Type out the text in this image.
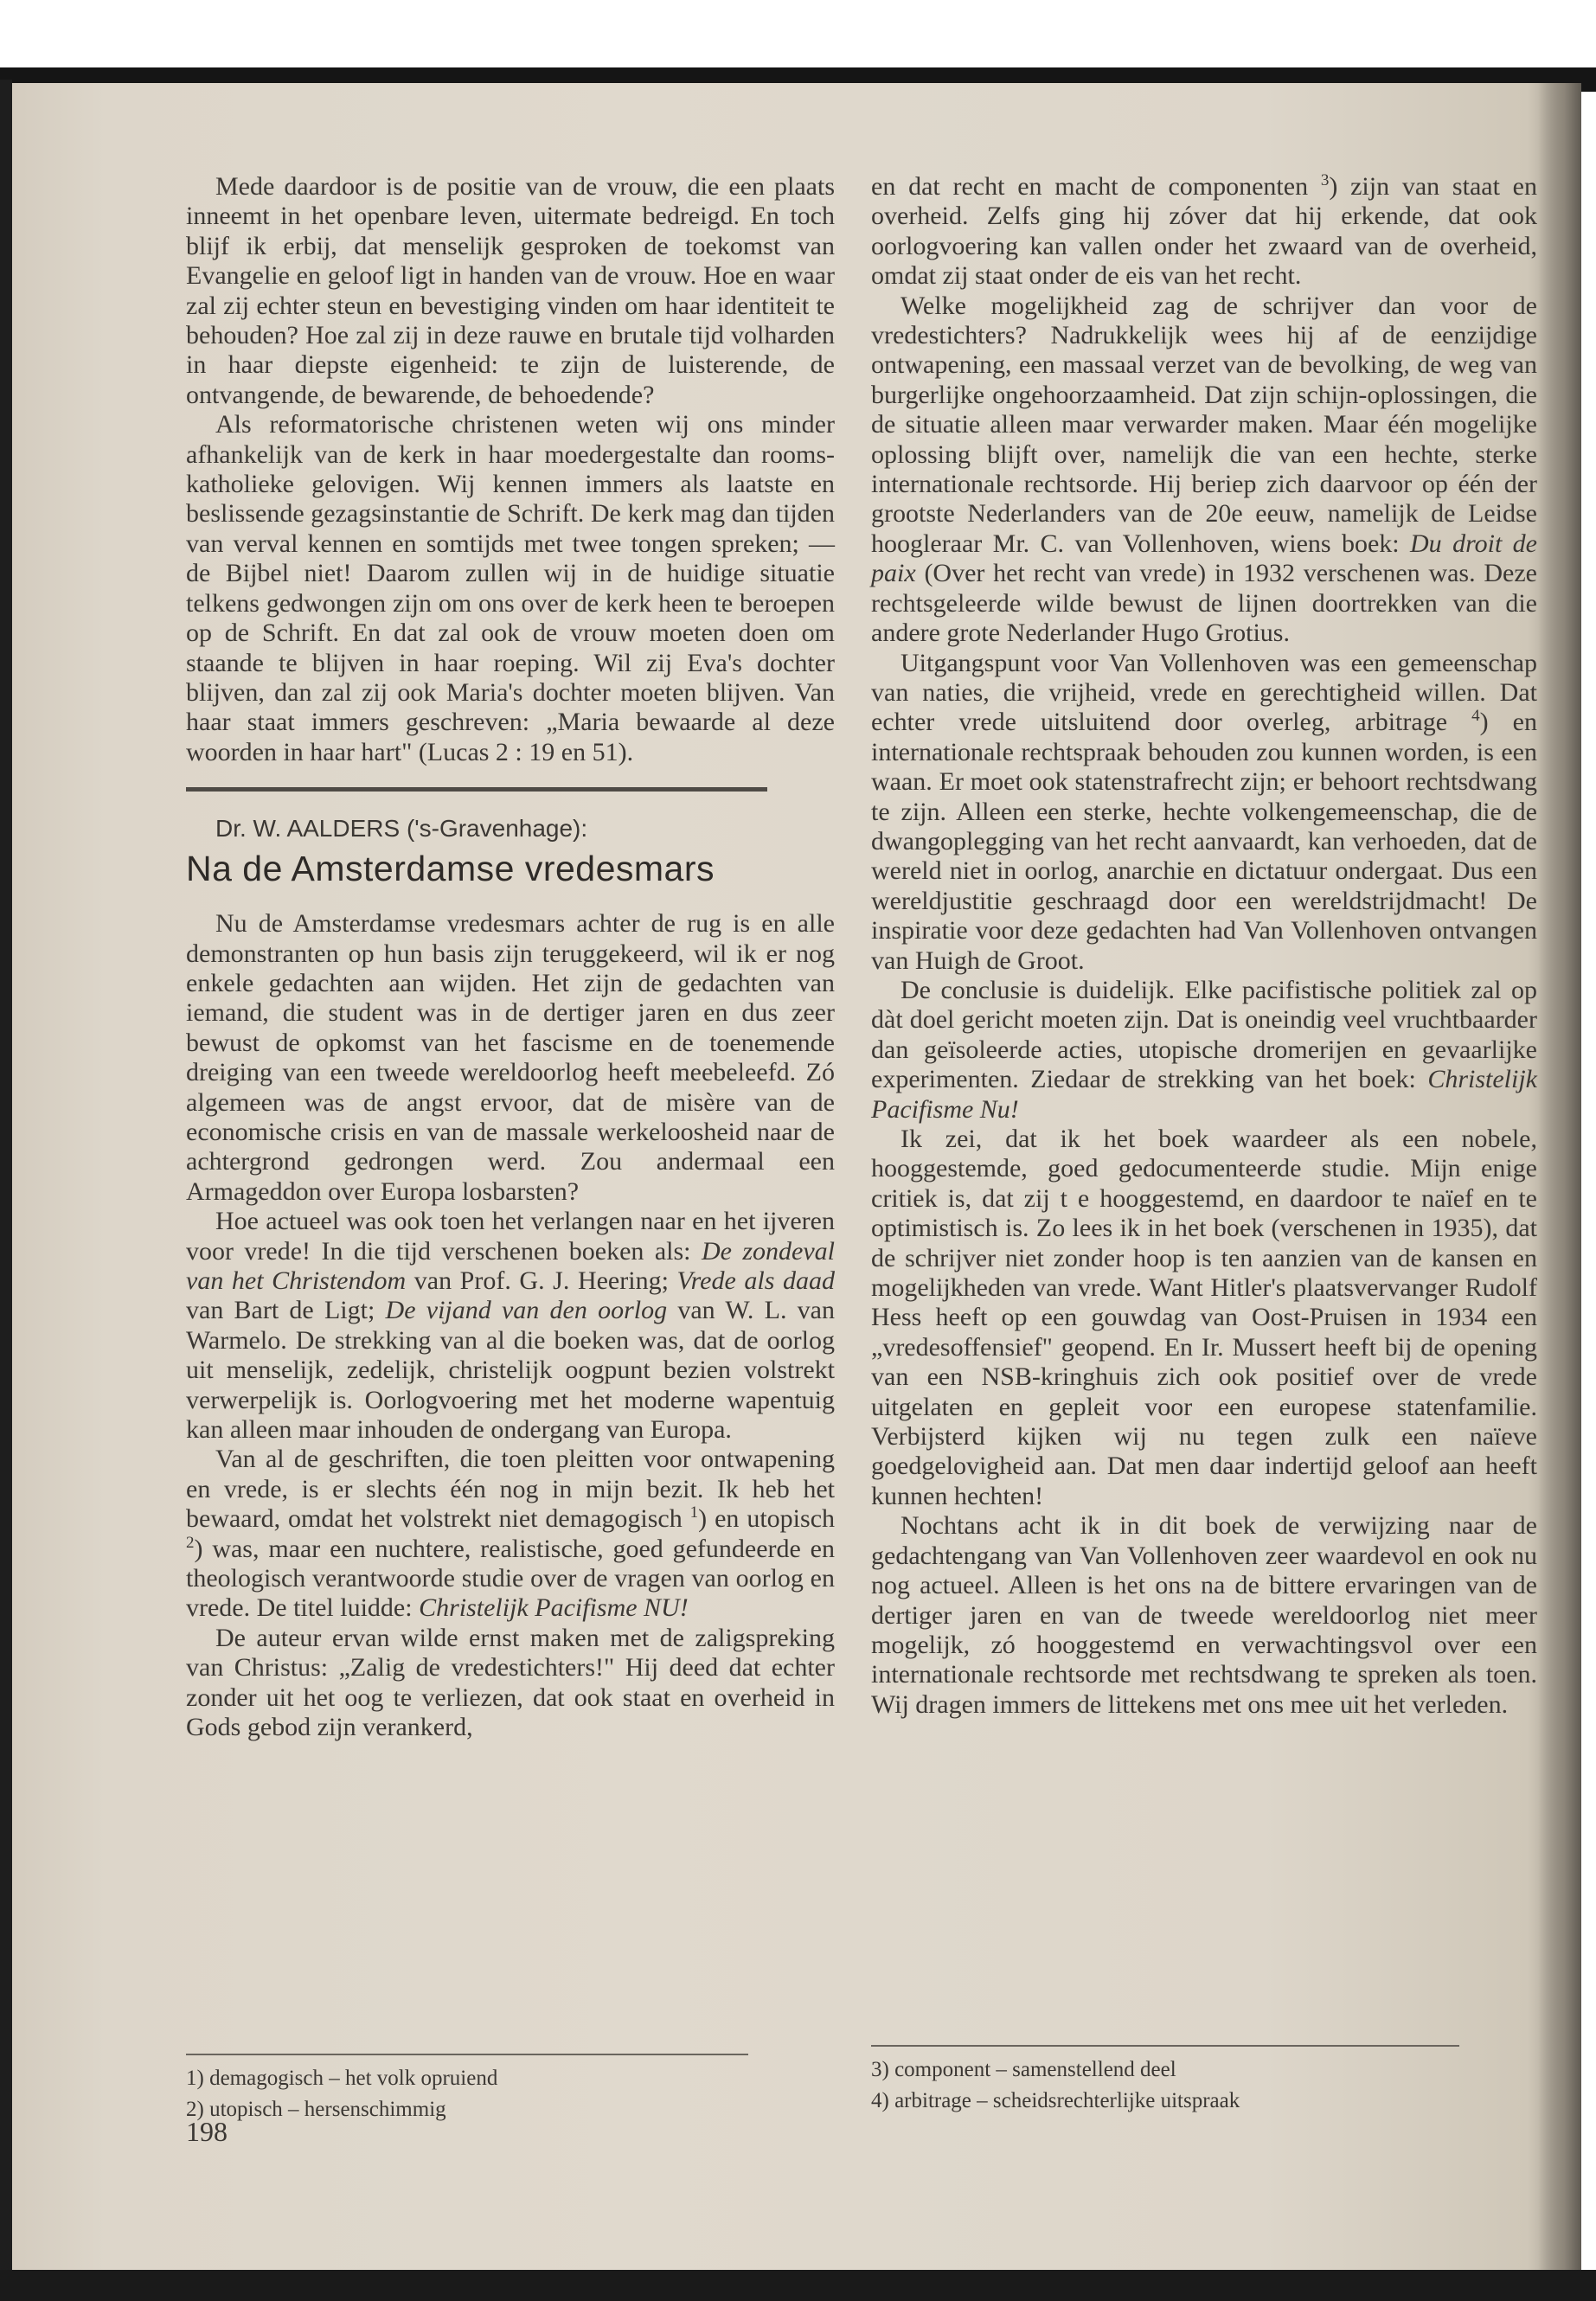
Mede daardoor is de positie van de vrouw, die een plaats inneemt in het openbare leven, uitermate bedreigd. En toch blijf ik erbij, dat menselijk gesproken de toekomst van Evangelie en geloof ligt in handen van de vrouw. Hoe en waar zal zij echter steun en bevestiging vinden om haar identiteit te behouden? Hoe zal zij in deze rauwe en brutale tijd volharden in haar diepste eigenheid: te zijn de luisterende, de ontvangende, de bewarende, de behoedende?

Als reformatorische christenen weten wij ons minder afhankelijk van de kerk in haar moedergestalte dan rooms-katholieke gelovigen. Wij kennen immers als laatste en beslissende gezagsinstantie de Schrift. De kerk mag dan tijden van verval kennen en somtijds met twee tongen spreken; — de Bijbel niet! Daarom zullen wij in de huidige situatie telkens gedwongen zijn om ons over de kerk heen te beroepen op de Schrift. En dat zal ook de vrouw moeten doen om staande te blijven in haar roeping. Wil zij Eva's dochter blijven, dan zal zij ook Maria's dochter moeten blijven. Van haar staat immers geschreven: „Maria bewaarde al deze woorden in haar hart" (Lucas 2 : 19 en 51).

Dr. W. AALDERS ('s-Gravenhage):

Na de Amsterdamse vredesmars

Nu de Amsterdamse vredesmars achter de rug is en alle demonstranten op hun basis zijn teruggekeerd, wil ik er nog enkele gedachten aan wijden. Het zijn de gedachten van iemand, die student was in de dertiger jaren en dus zeer bewust de opkomst van het fascisme en de toenemende dreiging van een tweede wereldoorlog heeft meebeleefd. Zó algemeen was de angst ervoor, dat de misère van de economische crisis en van de massale werkeloosheid naar de achtergrond gedrongen werd. Zou andermaal een Armageddon over Europa losbarsten?

Hoe actueel was ook toen het verlangen naar en het ijveren voor vrede! In die tijd verschenen boeken als: De zondeval van het Christendom van Prof. G. J. Heering; Vrede als daad van Bart de Ligt; De vijand van den oorlog van W. L. van Warmelo. De strekking van al die boeken was, dat de oorlog uit menselijk, zedelijk, christelijk oogpunt bezien volstrekt verwerpelijk is. Oorlogvoering met het moderne wapentuig kan alleen maar inhouden de ondergang van Europa.

Van al de geschriften, die toen pleitten voor ontwapening en vrede, is er slechts één nog in mijn bezit. Ik heb het bewaard, omdat het volstrekt niet demagogisch $^1$) en utopisch $^2$) was, maar een nuchtere, realistische, goed gefundeerde en theologisch verantwoorde studie over de vragen van oorlog en vrede. De titel luidde: Christelijk Pacifisme NU!

De auteur ervan wilde ernst maken met de zaligspreking van Christus: „Zalig de vredestichters!" Hij deed dat echter zonder uit het oog te verliezen, dat ook staat en overheid in Gods gebod zijn verankerd,

en dat recht en macht de componenten $^3$) zijn van staat en overheid. Zelfs ging hij zóver dat hij erkende, dat ook oorlogvoering kan vallen onder het zwaard van de overheid, omdat zij staat onder de eis van het recht.

Welke mogelijkheid zag de schrijver dan voor de vredestichters? Nadrukkelijk wees hij af de eenzijdige ontwapening, een massaal verzet van de bevolking, de weg van burgerlijke ongehoorzaamheid. Dat zijn schijn-oplossingen, die de situatie alleen maar verwarder maken. Maar één mogelijke oplossing blijft over, namelijk die van een hechte, sterke internationale rechtsorde. Hij beriep zich daarvoor op één der grootste Nederlanders van de 20e eeuw, namelijk de Leidse hoogleraar Mr. C. van Vollenhoven, wiens boek: Du droit de paix (Over het recht van vrede) in 1932 verschenen was. Deze rechtsgeleerde wilde bewust de lijnen doortrekken van die andere grote Nederlander Hugo Grotius.

Uitgangspunt voor Van Vollenhoven was een gemeenschap van naties, die vrijheid, vrede en gerechtigheid willen. Dat echter vrede uitsluitend door overleg, arbitrage $^4$) en internationale rechtspraak behouden zou kunnen worden, is een waan. Er moet ook statenstrafrecht zijn; er behoort rechtsdwang te zijn. Alleen een sterke, hechte volkengemeenschap, die de dwangoplegging van het recht aanvaardt, kan verhoeden, dat de wereld niet in oorlog, anarchie en dictatuur ondergaat. Dus een wereldjustitie geschraagd door een wereldstrijdmacht! De inspiratie voor deze gedachten had Van Vollenhoven ontvangen van Huigh de Groot.

De conclusie is duidelijk. Elke pacifistische politiek zal op dàt doel gericht moeten zijn. Dat is oneindig veel vruchtbaarder dan geïsoleerde acties, utopische dromerijen en gevaarlijke experimenten. Ziedaar de strekking van het boek: Christelijk Pacifisme Nu!

Ik zei, dat ik het boek waardeer als een nobele, hooggestemde, goed gedocumenteerde studie. Mijn enige critiek is, dat zij t e hooggestemd, en daardoor te naïef en te optimistisch is. Zo lees ik in het boek (verschenen in 1935), dat de schrijver niet zonder hoop is ten aanzien van de kansen en mogelijkheden van vrede. Want Hitler's plaatsvervanger Rudolf Hess heeft op een gouwdag van Oost-Pruisen in 1934 een „vredesoffensief" geopend. En Ir. Mussert heeft bij de opening van een NSB-kringhuis zich ook positief over de vrede uitgelaten en gepleit voor een europese statenfamilie. Verbijsterd kijken wij nu tegen zulk een naïeve goedgelovigheid aan. Dat men daar indertijd geloof aan heeft kunnen hechten!

Nochtans acht ik in dit boek de verwijzing naar de gedachtengang van Van Vollenhoven zeer waardevol en ook nu nog actueel. Alleen is het ons na de bittere ervaringen van de dertiger jaren en van de tweede wereldoorlog niet meer mogelijk, zó hooggestemd en verwachtingsvol over een internationale rechtsorde met rechtsdwang te spreken als toen. Wij dragen immers de littekens met ons mee uit het verleden.

1) demagogisch – het volk opruiend
2) utopisch – hersenschimmig
3) component – samenstellend deel
4) arbitrage – scheidsrechterlijke uitspraak
198
